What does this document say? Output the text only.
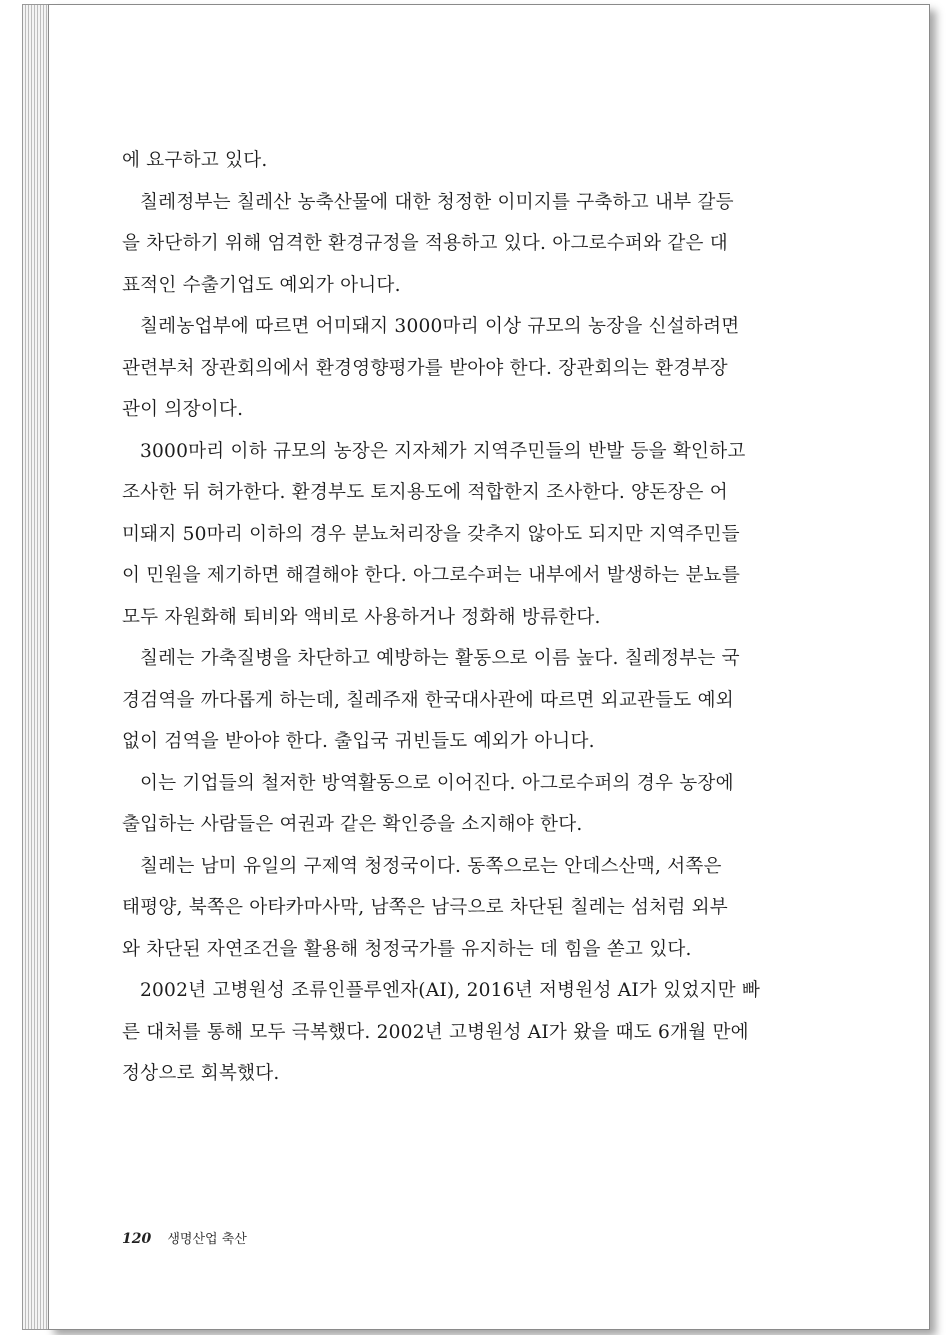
에 요구하고 있다.
칠레정부는 칠레산 농축산물에 대한 청정한 이미지를 구축하고 내부 갈등
을 차단하기 위해 엄격한 환경규정을 적용하고 있다. 아그로수퍼와 같은 대
표적인 수출기업도 예외가 아니다.
칠레농업부에 따르면 어미돼지 3000마리 이상 규모의 농장을 신설하려면
관련부처 장관회의에서 환경영향평가를 받아야 한다. 장관회의는 환경부장
관이 의장이다.
3000마리 이하 규모의 농장은 지자체가 지역주민들의 반발 등을 확인하고
조사한 뒤 허가한다. 환경부도 토지용도에 적합한지 조사한다. 양돈장은 어
미돼지 50마리 이하의 경우 분뇨처리장을 갖추지 않아도 되지만 지역주민들
이 민원을 제기하면 해결해야 한다. 아그로수퍼는 내부에서 발생하는 분뇨를
모두 자원화해 퇴비와 액비로 사용하거나 정화해 방류한다.
칠레는 가축질병을 차단하고 예방하는 활동으로 이름 높다. 칠레정부는 국
경검역을 까다롭게 하는데, 칠레주재 한국대사관에 따르면 외교관들도 예외
없이 검역을 받아야 한다. 출입국 귀빈들도 예외가 아니다.
이는 기업들의 철저한 방역활동으로 이어진다. 아그로수퍼의 경우 농장에
출입하는 사람들은 여권과 같은 확인증을 소지해야 한다.
칠레는 남미 유일의 구제역 청정국이다. 동쪽으로는 안데스산맥, 서쪽은
태평양, 북쪽은 아타카마사막, 남쪽은 남극으로 차단된 칠레는 섬처럼 외부
와 차단된 자연조건을 활용해 청정국가를 유지하는 데 힘을 쏟고 있다.
2002년 고병원성 조류인플루엔자(AI), 2016년 저병원성 AI가 있었지만 빠
른 대처를 통해 모두 극복했다. 2002년 고병원성 AI가 왔을 때도 6개월 만에
정상으로 회복했다.
120 생명산업 축산
